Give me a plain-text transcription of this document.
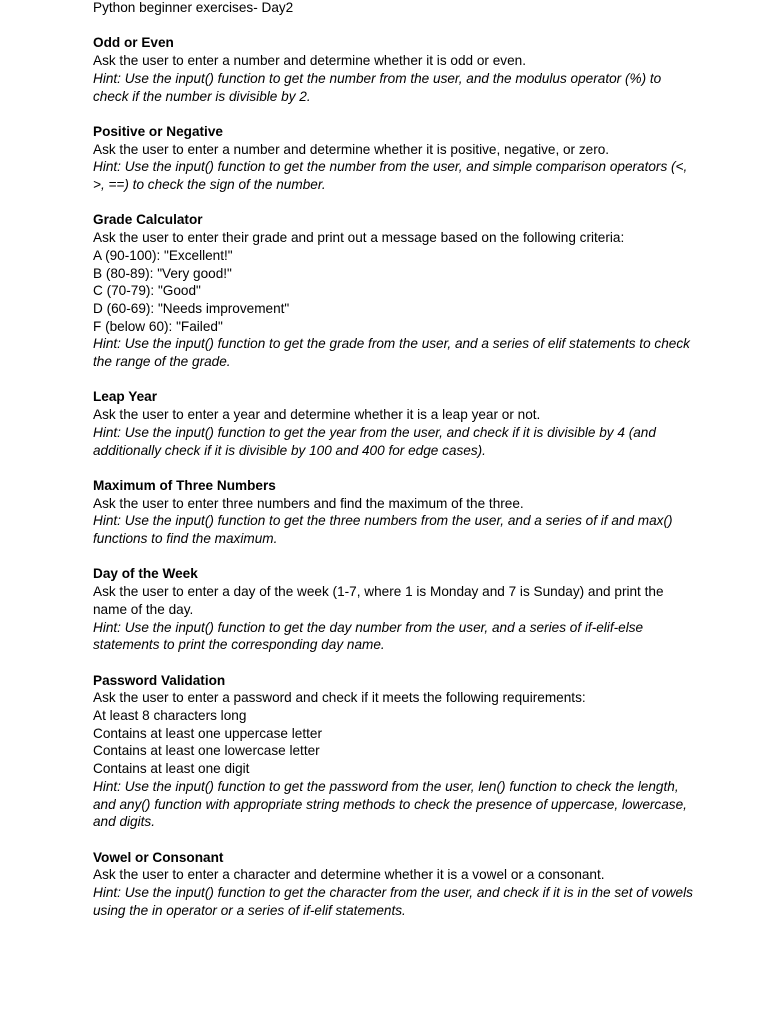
Python beginner exercises- Day2
Odd or Even
Ask the user to enter a number and determine whether it is odd or even.
Hint: Use the input() function to get the number from the user, and the modulus operator (%) to check if the number is divisible by 2.
Positive or Negative
Ask the user to enter a number and determine whether it is positive, negative, or zero.
Hint: Use the input() function to get the number from the user, and simple comparison operators (<, >, ==) to check the sign of the number.
Grade Calculator
Ask the user to enter their grade and print out a message based on the following criteria:
A (90-100): "Excellent!"
B (80-89): "Very good!"
C (70-79): "Good"
D (60-69): "Needs improvement"
F (below 60): "Failed"
Hint: Use the input() function to get the grade from the user, and a series of elif statements to check the range of the grade.
Leap Year
Ask the user to enter a year and determine whether it is a leap year or not.
Hint: Use the input() function to get the year from the user, and check if it is divisible by 4 (and additionally check if it is divisible by 100 and 400 for edge cases).
Maximum of Three Numbers
Ask the user to enter three numbers and find the maximum of the three.
Hint: Use the input() function to get the three numbers from the user, and a series of if and max() functions to find the maximum.
Day of the Week
Ask the user to enter a day of the week (1-7, where 1 is Monday and 7 is Sunday) and print the name of the day.
Hint: Use the input() function to get the day number from the user, and a series of if-elif-else statements to print the corresponding day name.
Password Validation
Ask the user to enter a password and check if it meets the following requirements:
At least 8 characters long
Contains at least one uppercase letter
Contains at least one lowercase letter
Contains at least one digit
Hint: Use the input() function to get the password from the user, len() function to check the length, and any() function with appropriate string methods to check the presence of uppercase, lowercase, and digits.
Vowel or Consonant
Ask the user to enter a character and determine whether it is a vowel or a consonant.
Hint: Use the input() function to get the character from the user, and check if it is in the set of vowels using the in operator or a series of if-elif statements.
